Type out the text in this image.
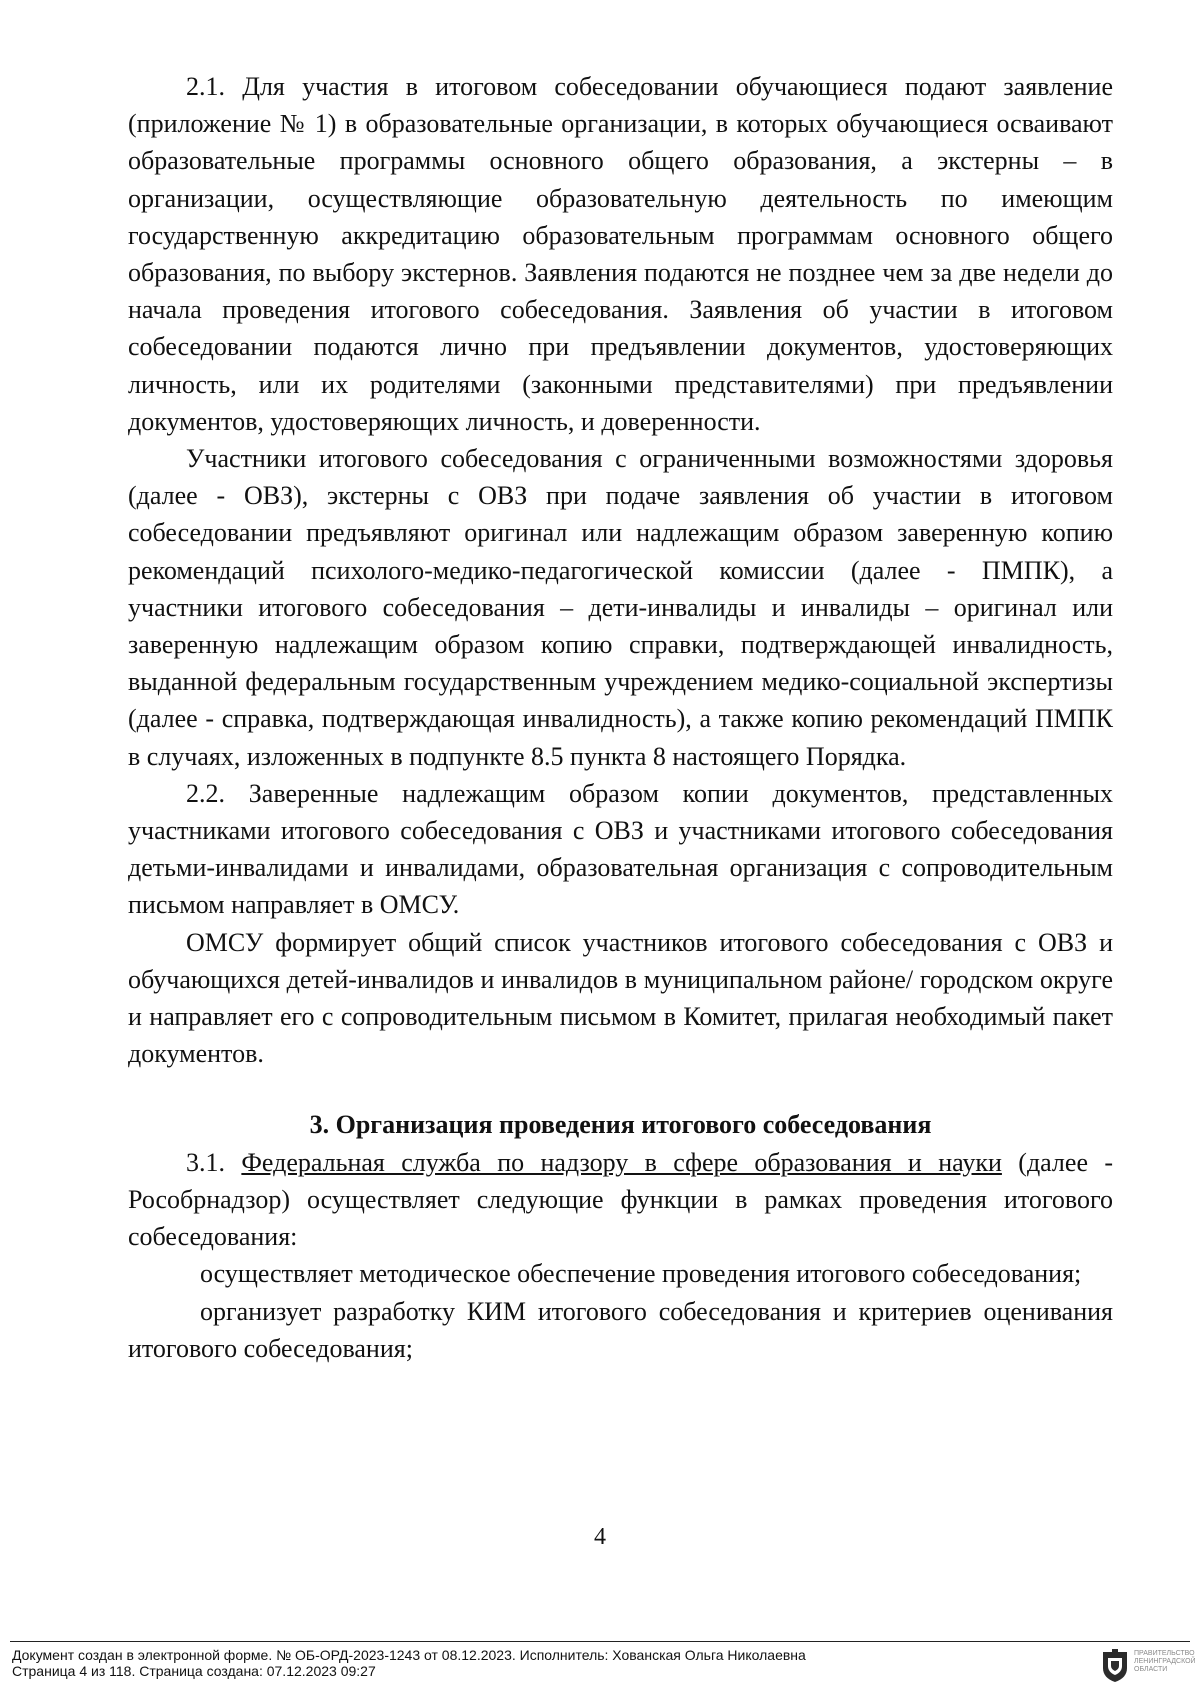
2.1. Для участия в итоговом собеседовании обучающиеся подают заявление (приложение № 1) в образовательные организации, в которых обучающиеся осваивают образовательные программы основного общего образования, а экстерны – в организации, осуществляющие образовательную деятельность по имеющим государственную аккредитацию образовательным программам основного общего образования, по выбору экстернов. Заявления подаются не позднее чем за две недели до начала проведения итогового собеседования. Заявления об участии в итоговом собеседовании подаются лично при предъявлении документов, удостоверяющих личность, или их родителями (законными представителями) при предъявлении документов, удостоверяющих личность, и доверенности.

Участники итогового собеседования с ограниченными возможностями здоровья (далее - ОВЗ), экстерны с ОВЗ при подаче заявления об участии в итоговом собеседовании предъявляют оригинал или надлежащим образом заверенную копию рекомендаций психолого-медико-педагогической комиссии (далее - ПМПК), а участники итогового собеседования – дети-инвалиды и инвалиды – оригинал или заверенную надлежащим образом копию справки, подтверждающей инвалидность, выданной федеральным государственным учреждением медико-социальной экспертизы (далее - справка, подтверждающая инвалидность), а также копию рекомендаций ПМПК в случаях, изложенных в подпункте 8.5 пункта 8 настоящего Порядка.

2.2. Заверенные надлежащим образом копии документов, представленных участниками итогового собеседования с ОВЗ и участниками итогового собеседования детьми-инвалидами и инвалидами, образовательная организация с сопроводительным письмом направляет в ОМСУ.

ОМСУ формирует общий список участников итогового собеседования с ОВЗ и обучающихся детей-инвалидов и инвалидов в муниципальном районе/ городском округе и направляет его с сопроводительным письмом в Комитет, прилагая необходимый пакет документов.

3. Организация проведения итогового собеседования

3.1. Федеральная служба по надзору в сфере образования и науки (далее - Рособрнадзор) осуществляет следующие функции в рамках проведения итогового собеседования:

осуществляет методическое обеспечение проведения итогового собеседования;

организует разработку КИМ итогового собеседования и критериев оценивания итогового собеседования;

4
Документ создан в электронной форме. № ОБ-ОРД-2023-1243 от 08.12.2023. Исполнитель: Хованская Ольга Николаевна
Страница 4 из 118. Страница создана: 07.12.2023 09:27
ПРАВИТЕЛЬСТВО ЛЕНИНГРАДСКОЙ ОБЛАСТИ
